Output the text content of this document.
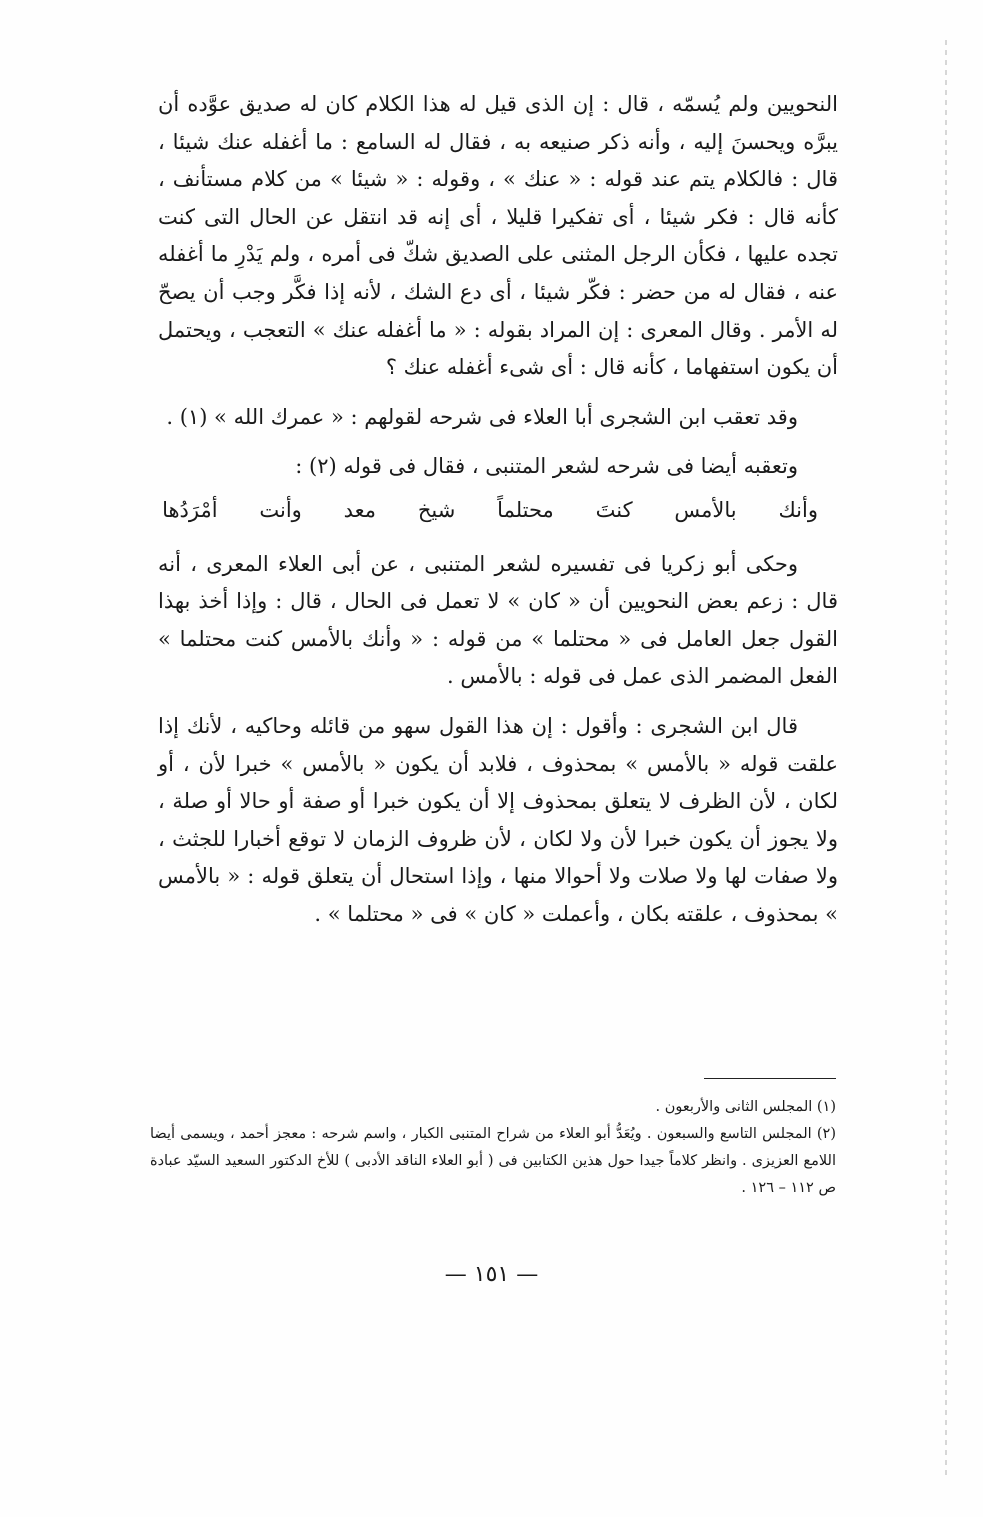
النحويين ولم يُسمّه ، قال : إن الذى قيل له هذا الكلام كان له صديق عوَّده أن يبرَّه ويحسنَ إليه ، وأنه ذكر صنيعه به ، فقال له السامع : ما أغفله عنك شيئا ، قال : فالكلام يتم عند قوله : « عنك » ، وقوله : « شيئا » من كلام مستأنف ، كأنه قال : فكر شيئا ، أى تفكيرا قليلا ، أى إنه قد انتقل عن الحال التى كنت تجده عليها ، فكأن الرجل المثنى على الصديق شكّ فى أمره ، ولم يَدْرِ ما أغفله عنه ، فقال له من حضر : فكّر شيئا ، أى دع الشك ، لأنه إذا فكَّر وجب أن يصحّ له الأمر . وقال المعرى : إن المراد بقوله : « ما أغفله عنك » التعجب ، ويحتمل أن يكون استفهاما ، كأنه قال : أى شىء أغفله عنك ؟

وقد تعقب ابن الشجرى أبا العلاء فى شرحه لقولهم : « عمرك الله » (١) .

وتعقبه أيضا فى شرحه لشعر المتنبى ، فقال فى قوله (٢) :

وأنك
بالأمس
كنتَ
محتلماً
شيخ
معد
وأنت
أمْرَدُها

وحكى أبو زكريا فى تفسيره لشعر المتنبى ، عن أبى العلاء المعرى ، أنه قال : زعم بعض النحويين أن « كان » لا تعمل فى الحال ، قال : وإذا أخذ بهذا القول جعل العامل فى « محتلما » من قوله : « وأنك بالأمس كنت محتلما » الفعل المضمر الذى عمل فى قوله : بالأمس .

قال ابن الشجرى : وأقول : إن هذا القول سهو من قائله وحاكيه ، لأنك إذا علقت قوله « بالأمس » بمحذوف ، فلابد أن يكون « بالأمس » خبرا لأن ، أو لكان ، لأن الظرف لا يتعلق بمحذوف إلا أن يكون خبرا أو صفة أو حالا أو صلة ، ولا يجوز أن يكون خبرا لأن ولا لكان ، لأن ظروف الزمان لا توقع أخبارا للجثث ، ولا صفات لها ولا صلات ولا أحوالا منها ، وإذا استحال أن يتعلق قوله : « بالأمس » بمحذوف ، علقته بكان ، وأعملت « كان » فى « محتلما » .

(١) المجلس الثانى والأربعون .

(٢) المجلس التاسع والسبعون . ويُعَدُّ أبو العلاء من شراح المتنبى الكبار ، واسم شرحه : معجز أحمد ، ويسمى أيضا اللامع العزيزى . وانظر كلاماً جيدا حول هذين الكتابين فى ( أبو العلاء الناقد الأدبى ) للأخ الدكتور السعيد السيّد عبادة ص ١١٢ – ١٢٦ .

— ١٥١ —
